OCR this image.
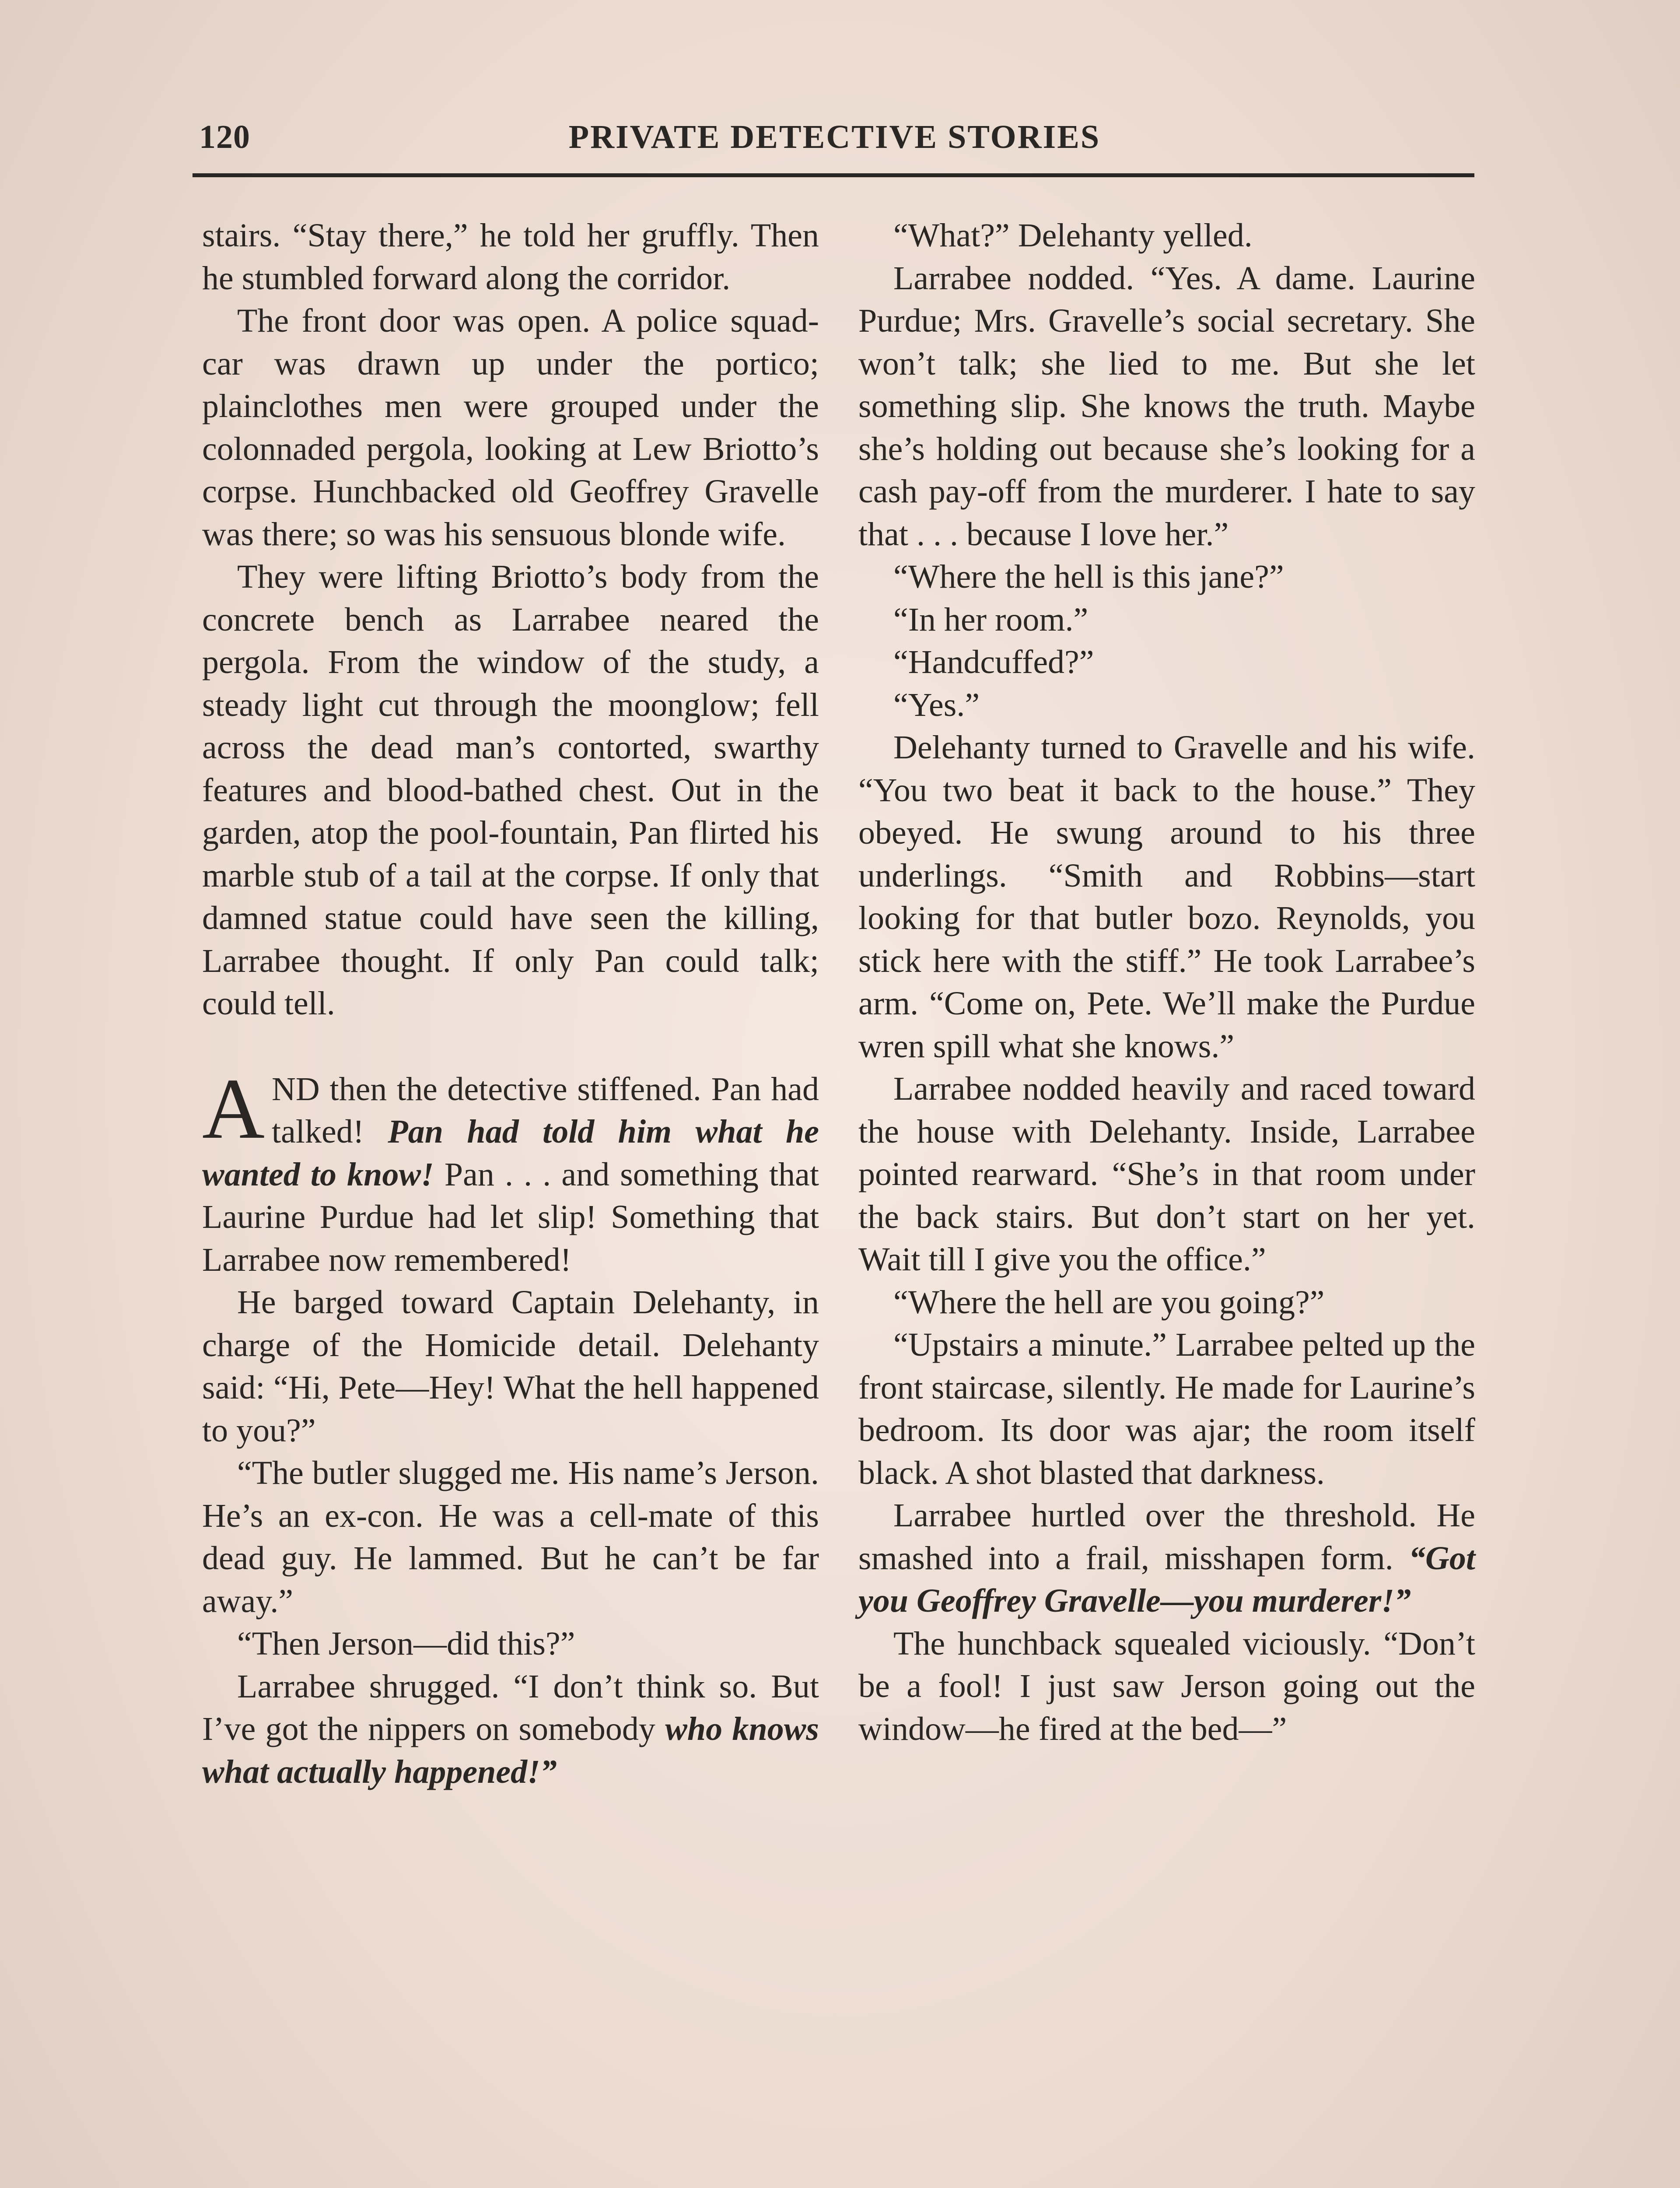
120	PRIVATE DETECTIVE STORIES

stairs. “Stay there,” he told her gruffly. Then he stumbled forward along the corridor.

The front door was open. A police squad-car was drawn up under the portico; plainclothes men were grouped under the colonnaded pergola, looking at Lew Briotto’s corpse. Hunchbacked old Geoffrey Gravelle was there; so was his sensuous blonde wife.

They were lifting Briotto’s body from the concrete bench as Larrabee neared the pergola. From the window of the study, a steady light cut through the moonglow; fell across the dead man’s contorted, swarthy features and blood-bathed chest. Out in the garden, atop the pool-fountain, Pan flirted his marble stub of a tail at the corpse. If only that damned statue could have seen the killing, Larrabee thought. If only Pan could talk; could tell.

AND then the detective stiffened. Pan had talked! Pan had told him what he wanted to know! Pan . . . and something that Laurine Purdue had let slip! Something that Larrabee now remembered!

He barged toward Captain Delehanty, in charge of the Homicide detail. Delehanty said: “Hi, Pete—Hey! What the hell happened to you?”

“The butler slugged me. His name’s Jerson. He’s an ex-con. He was a cell-mate of this dead guy. He lammed. But he can’t be far away.”

“Then Jerson—did this?”

Larrabee shrugged. “I don’t think so. But I’ve got the nippers on somebody who knows what actually happened!”

“What?” Delehanty yelled.

Larrabee nodded. “Yes. A dame. Laurine Purdue; Mrs. Gravelle’s social secretary. She won’t talk; she lied to me. But she let something slip. She knows the truth. Maybe she’s holding out because she’s looking for a cash pay-off from the murderer. I hate to say that . . . because I love her.”

“Where the hell is this jane?”

“In her room.”

“Handcuffed?”

“Yes.”

Delehanty turned to Gravelle and his wife. “You two beat it back to the house.” They obeyed. He swung around to his three underlings. “Smith and Robbins—start looking for that butler bozo. Reynolds, you stick here with the stiff.” He took Larrabee’s arm. “Come on, Pete. We’ll make the Purdue wren spill what she knows.”

Larrabee nodded heavily and raced toward the house with Delehanty. Inside, Larrabee pointed rearward. “She’s in that room under the back stairs. But don’t start on her yet. Wait till I give you the office.”

“Where the hell are you going?”

“Upstairs a minute.” Larrabee pelted up the front staircase, silently. He made for Laurine’s bedroom. Its door was ajar; the room itself black. A shot blasted that darkness.

Larrabee hurtled over the threshold. He smashed into a frail, misshapen form. “Got you Geoffrey Gravelle—you murderer!”

The hunchback squealed viciously. “Don’t be a fool! I just saw Jerson going out the window—he fired at the bed—”
